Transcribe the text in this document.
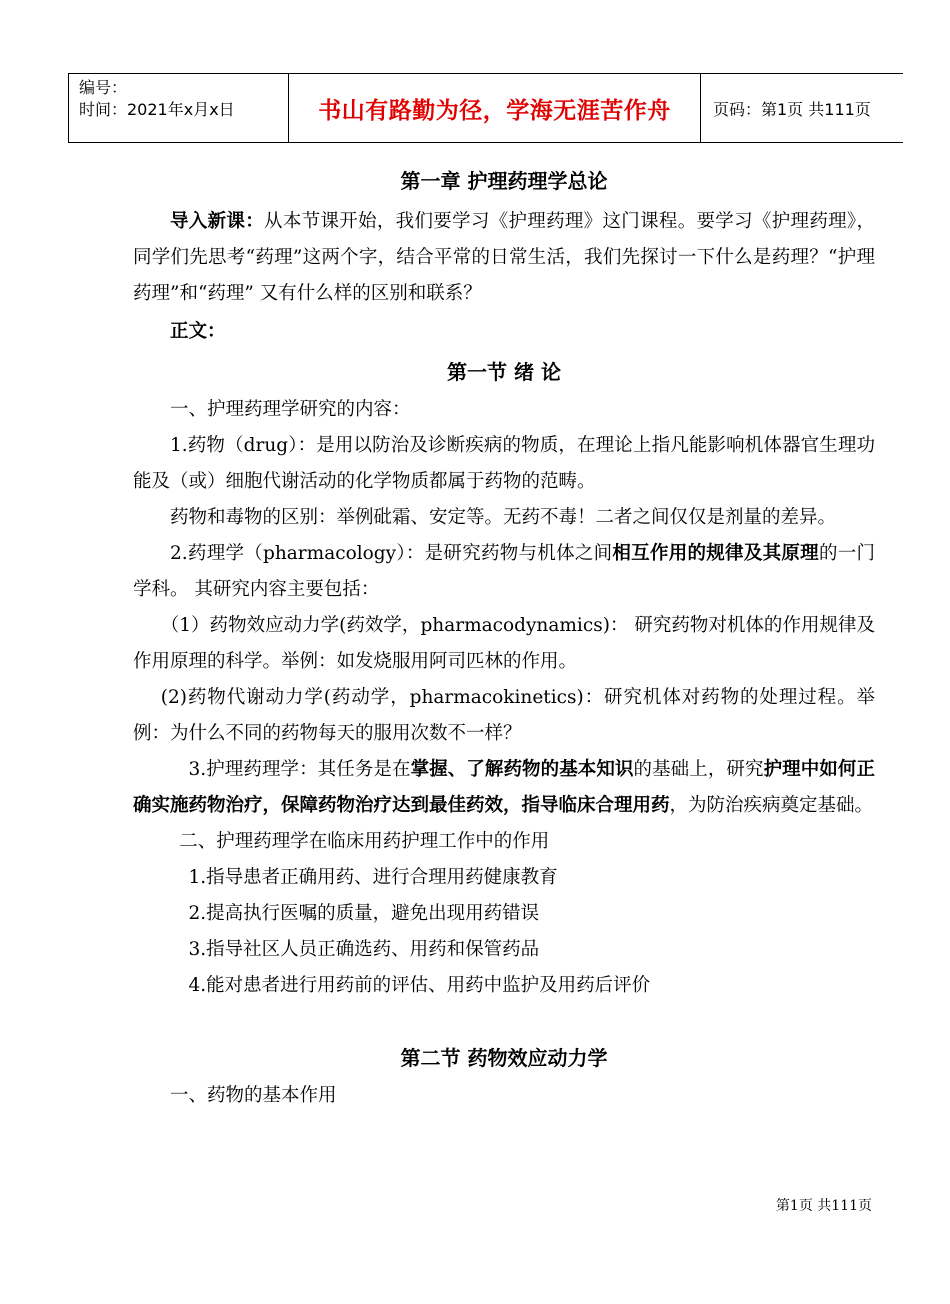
编号：
时间：2021年x月x日	书山有路勤为径，学海无涯苦作舟	页码：第1页 共111页

第一章 护理药理学总论

导入新课：从本节课开始，我们要学习《护理药理》这门课程。要学习《护理药理》，同学们先思考“药理”这两个字，结合平常的日常生活，我们先探讨一下什么是药理？“护理药理”和“药理” 又有什么样的区别和联系？

正文：

第一节 绪 论

一、护理药理学研究的内容：

1.药物（drug）：是用以防治及诊断疾病的物质，在理论上指凡能影响机体器官生理功能及（或）细胞代谢活动的化学物质都属于药物的范畴。

药物和毒物的区别：举例砒霜、安定等。无药不毒！二者之间仅仅是剂量的差异。

2.药理学（pharmacology）：是研究药物与机体之间相互作用的规律及其原理的一门学科。 其研究内容主要包括：

（1）药物效应动力学(药效学，pharmacodynamics)： 研究药物对机体的作用规律及作用原理的科学。举例：如发烧服用阿司匹林的作用。

(2)药物代谢动力学(药动学，pharmacokinetics)：研究机体对药物的处理过程。举例：为什么不同的药物每天的服用次数不一样？

3.护理药理学：其任务是在掌握、了解药物的基本知识的基础上，研究护理中如何正确实施药物治疗，保障药物治疗达到最佳药效，指导临床合理用药，为防治疾病奠定基础。

二、护理药理学在临床用药护理工作中的作用

1.指导患者正确用药、进行合理用药健康教育

2.提高执行医嘱的质量，避免出现用药错误

3.指导社区人员正确选药、用药和保管药品

4.能对患者进行用药前的评估、用药中监护及用药后评价

第二节 药物效应动力学

一、药物的基本作用

第1页 共111页
